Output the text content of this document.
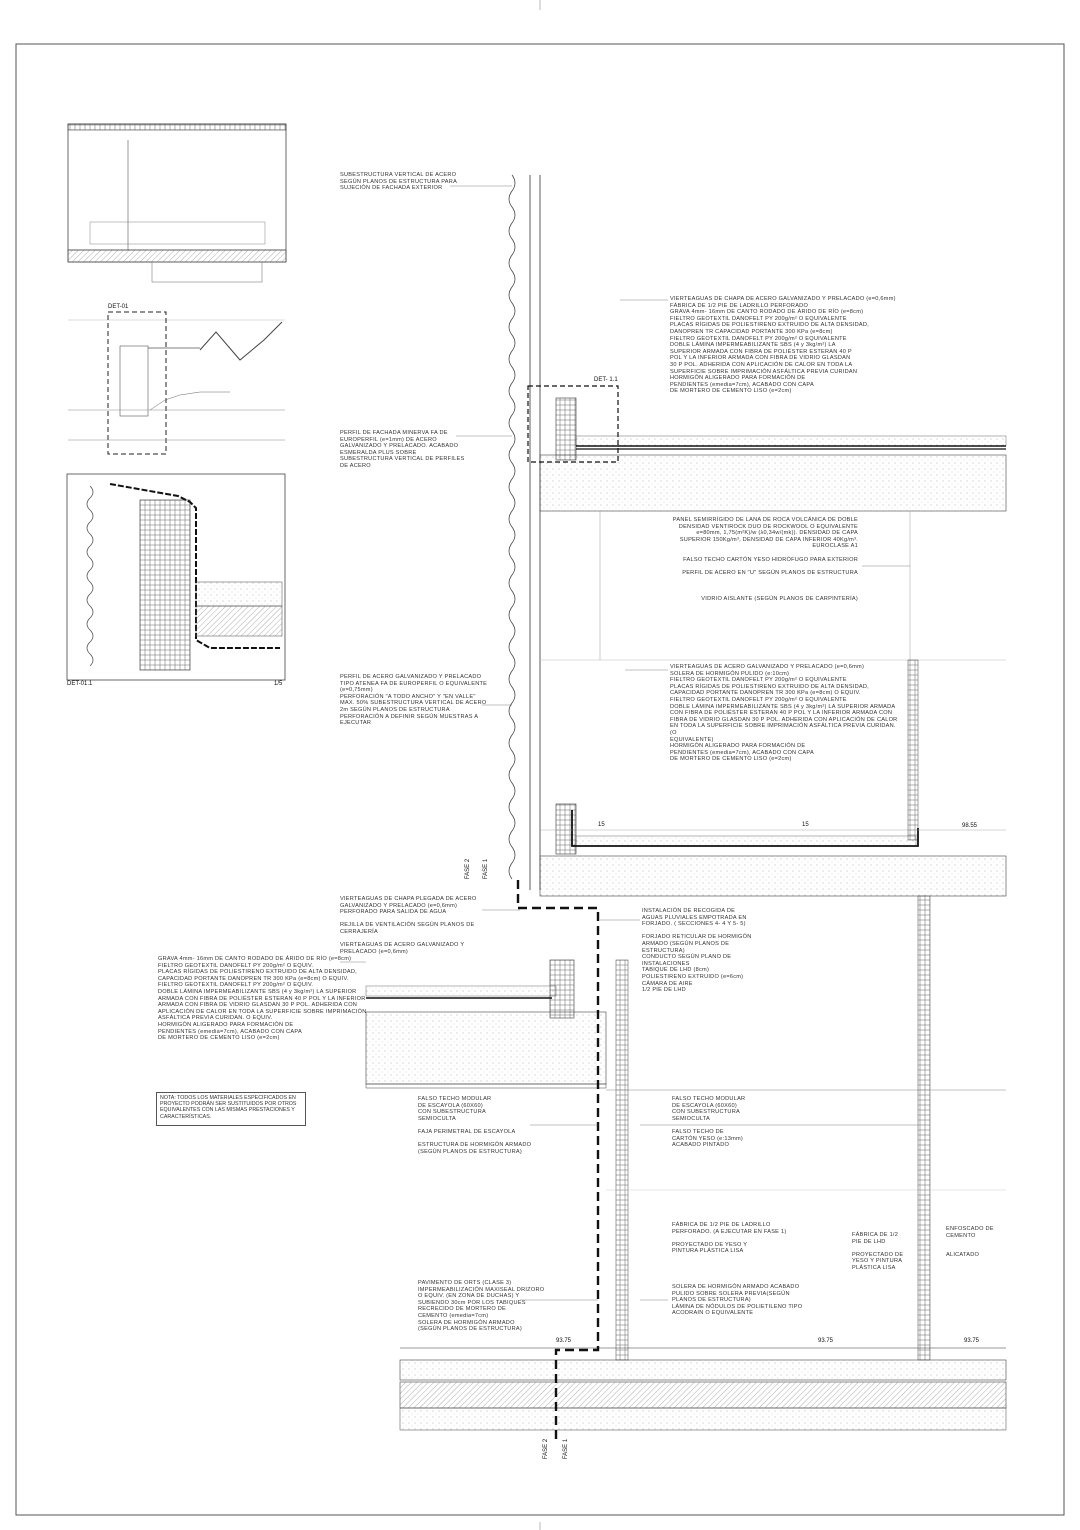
DET-01
DET-01.1	1/5
DET- 1.1
FASE 2 FASE 1
FASE 2 FASE 1
98.55
93.75	93.75	93.75
15	15
SUBESTRUCTURA VERTICAL DE ACERO
SEGÚN PLANOS DE ESTRUCTURA PARA
SUJECIÓN DE FACHADA EXTERIOR
PERFIL DE FACHADA MINERVA FA DE
EUROPERFIL (e=1mm) DE ACERO
GALVANIZADO Y PRELACADO. ACABADO
ESMERALDA PLUS SOBRE
SUBESTRUCTURA VERTICAL DE PERFILES
DE ACERO
PERFIL DE ACERO GALVANIZADO Y PRELACADO
TIPO ATENEA FA DE EUROPERFIL O EQUIVALENTE
(e=0,75mm)
PERFORACIÓN "A TODO ANCHO" Y "EN VALLE"
MAX. 50% SUBESTRUCTURA VERTICAL DE ACERO
2m SEGÚN PLANOS DE ESTRUCTURA
PERFORACIÓN A DEFINIR SEGÚN MUESTRAS A
EJECUTAR
VIERTEAGUAS DE CHAPA DE ACERO GALVANIZADO Y PRELACADO (e=0,6mm)
FÁBRICA DE 1/2 PIE DE LADRILLO PERFORADO
GRAVA 4mm- 16mm DE CANTO RODADO DE ÁRIDO DE RÍO (e=8cm)
FIELTRO GEOTEXTIL DANOFELT PY 200g/m² O EQUIVALENTE
PLACAS RÍGIDAS DE POLIESTIRENO EXTRUIDO DE ALTA DENSIDAD,
DANOPREN TR CAPACIDAD PORTANTE 300 KPa (e=8cm)
FIELTRO GEOTEXTIL DANOFELT PY 200g/m² O EQUIVALENTE
DOBLE LÁMINA IMPERMEABILIZANTE SBS (4 y 3kg/m²) LA
SUPERIOR ARMADA CON FIBRA DE POLIÉSTER ESTERAN 40 P
POL Y LA INFERIOR ARMADA CON FIBRA DE VIDRIO GLASDAN
30 P POL. ADHERIDA CON APLICACIÓN DE CALOR EN TODA LA
SUPERFICIE SOBRE IMPRIMACIÓN ASFÁLTICA PREVIA CURIDAN
HORMIGÓN ALIGERADO PARA FORMACIÓN DE
PENDIENTES (emedia=7cm), ACABADO CON CAPA
DE MORTERO DE CEMENTO LISO (e=2cm)
PANEL SEMIRRÍGIDO DE LANA DE ROCA VOLCÁNICA DE DOBLE
DENSIDAD VENTIROCK DUO DE ROCKWOOL O EQUIVALENTE
e=80mm, 1,75(m²K)/w (λ0,34w/(mk)). DENSIDAD DE CAPA
SUPERIOR 150Kg/m³, DENSIDAD DE CAPA INFERIOR 40Kg/m³.
EUROCLASE A1

FALSO TECHO CARTÓN YESO HIDRÓFUGO PARA EXTERIOR

PERFIL DE ACERO EN "U" SEGÚN PLANOS DE ESTRUCTURA

VIDRIO AISLANTE (SEGÚN PLANOS DE CARPINTERÍA)
VIERTEAGUAS DE ACERO GALVANIZADO Y PRELACADO (e=0,6mm)
SOLERA DE HORMIGÓN PULIDO (e:10cm)
FIELTRO GEOTEXTIL DANOFELT PY 200g/m² O EQUIVALENTE
PLACAS RÍGIDAS DE POLIESTIRENO EXTRUIDO DE ALTA DENSIDAD,
CAPACIDAD PORTANTE DANOPREN TR 300 KPa (e=8cm) O EQUIV.
FIELTRO GEOTEXTIL DANOFELT PY 200g/m² O EQUIVALENTE
DOBLE LÁMINA IMPERMEABILIZANTE SBS (4 y 3kg/m²) LA SUPERIOR ARMADA
CON FIBRA DE POLIÉSTER ESTERAN 40 P POL Y LA INFERIOR ARMADA CON
FIBRA DE VIDRIO GLASDAN 30 P POL. ADHERIDA CON APLICACIÓN DE CALOR
EN TODA LA SUPERFICIE SOBRE IMPRIMACIÓN ASFÁLTICA PREVIA CURIDAN. (O
EQUIVALENTE)
HORMIGÓN ALIGERADO PARA FORMACIÓN DE
PENDIENTES (emedia=7cm), ACABADO CON CAPA
DE MORTERO DE CEMENTO LISO (e=2cm)
VIERTEAGUAS DE CHAPA PLEGADA DE ACERO
GALVANIZADO Y PRELACADO (e=0,6mm)
PERFORADO PARA SALIDA DE AGUA

REJILLA DE VENTILACIÓN SEGÚN PLANOS DE CERRAJERÍA

VIERTEAGUAS DE ACERO GALVANIZADO Y
PRELACADO (e=0,6mm)
GRAVA 4mm- 16mm DE CANTO RODADO DE ÁRIDO DE RÍO (e=8cm)
FIELTRO GEOTEXTIL DANOFELT PY 200g/m² O EQUIV.
PLACAS RÍGIDAS DE POLIESTIRENO EXTRUIDO DE ALTA DENSIDAD,
CAPACIDAD PORTANTE DANOPREN TR 300 KPa (e=8cm) O EQUIV.
FIELTRO GEOTEXTIL DANOFELT PY 200g/m² O EQUIV.
DOBLE LÁMINA IMPERMEABILIZANTE SBS (4 y 3kg/m²) LA SUPERIOR
ARMADA CON FIBRA DE POLIÉSTER ESTERAN 40 P POL Y LA INFERIOR
ARMADA CON FIBRA DE VIDRIO GLASDAN 30 P POL. ADHERIDA CON
APLICACIÓN DE CALOR EN TODA LA SUPERFICIE SOBRE IMPRIMACIÓN
ASFÁLTICA PREVIA CURIDAN. O EQUIV.
HORMIGÓN ALIGERADO PARA FORMACIÓN DE
PENDIENTES (emedia=7cm), ACABADO CON CAPA
DE MORTERO DE CEMENTO LISO (e=2cm)
INSTALACIÓN DE RECOGIDA DE
AGUAS PLUVIALES EMPOTRADA EN
FORJADO. ( SECCIONES 4- 4 Y 5- 5)

FORJADO RETICULAR DE HORMIGÓN
ARMADO (SEGÚN PLANOS DE
ESTRUCTURA)
CONDUCTO SEGÚN PLANO DE
INSTALACIONES
TABIQUE DE LHD (8cm)
POLIESTIRENO EXTRUIDO (e=6cm)
CÁMARA DE AIRE
1/2 PIE DE LHD
NOTA: TODOS LOS MATERIALES ESPECIFICADOS EN
PROYECTO PODRÁN SER SUSTITUIDOS POR OTROS
EQUIVALENTES CON LAS MISMAS PRESTACIONES Y
CARACTERÍSTICAS.
FALSO TECHO MODULAR
DE ESCAYOLA (60X60)
CON SUBESTRUCTURA
SEMIOCULTA

FAJA PERIMETRAL DE ESCAYOLA

ESTRUCTURA DE HORMIGÓN ARMADO
(SEGÚN PLANOS DE ESTRUCTURA)
FALSO TECHO MODULAR
DE ESCAYOLA (60X60)
CON SUBESTRUCTURA
SEMIOCULTA

FALSO TECHO DE
CARTÓN YESO (e:13mm)
ACABADO PINTADO
FÁBRICA DE 1/2 PIE DE LADRILLO
PERFORADO. (A EJECUTAR EN FASE 1)

PROYECTADO DE YESO Y
PINTURA PLÁSTICA LISA
FÁBRICA DE 1/2
PIE DE LHD

PROYECTADO DE
YESO Y PINTURA
PLÁSTICA LISA
ENFOSCADO DE
CEMENTO

ALICATADO
PAVIMENTO DE ORTS (CLASE 3)
IMPERMEABILIZACIÓN MAXISEAL DRIZORO
O EQUIV. (EN ZONA DE DUCHAS) Y
SUBIENDO 30cm POR LOS TABIQUES
RECRECIDO DE MORTERO DE
CEMENTO (emedia=7cm)
SOLERA DE HORMIGÓN ARMADO
(SEGÚN PLANOS DE ESTRUCTURA)
SOLERA DE HORMIGÓN ARMADO ACABADO
PULIDO SOBRE SOLERA PREVIA(SEGÚN
PLANOS DE ESTRUCTURA)
LÁMINA DE NÓDULOS DE POLIETILENO TIPO
ACODRAIN O EQUIVALENTE
